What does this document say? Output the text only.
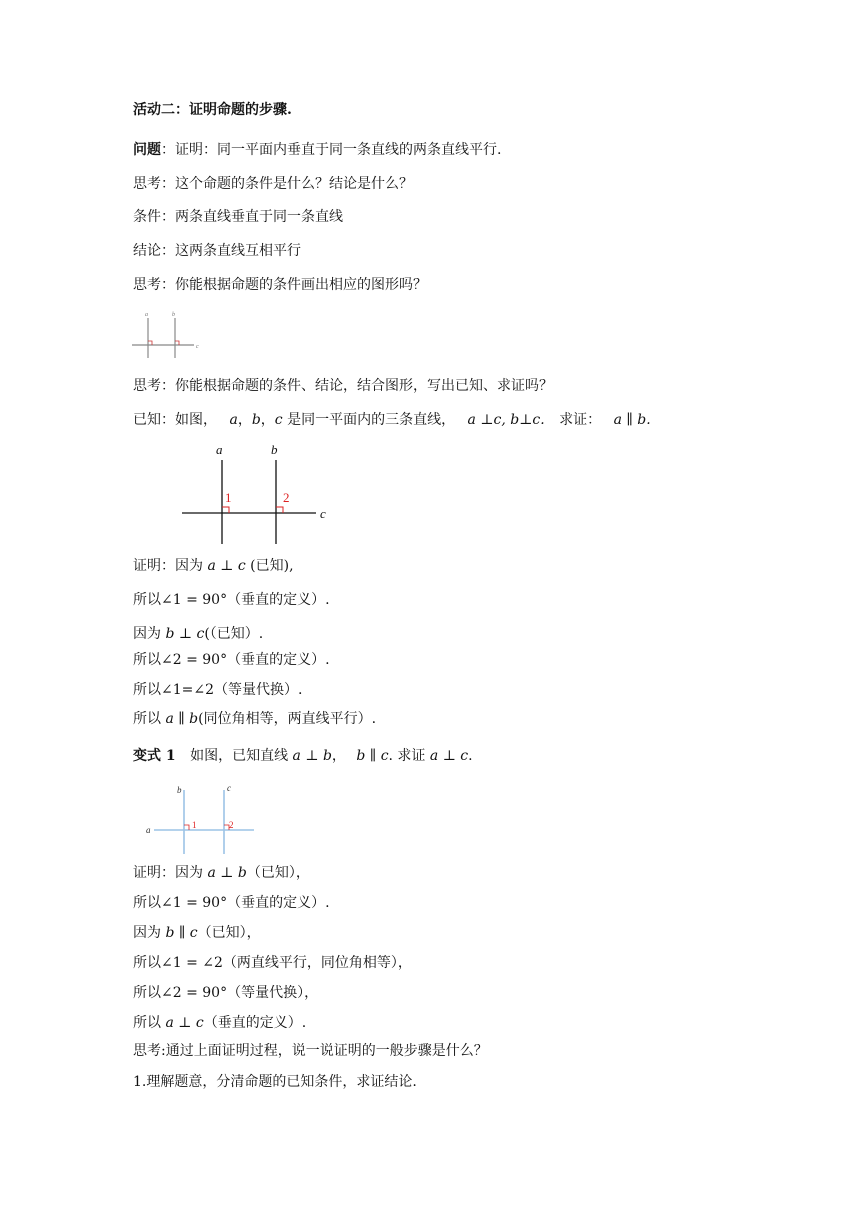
活动二：证明命题的步骤.
问题：证明：同一平面内垂直于同一条直线的两条直线平行.
思考：这个命题的条件是什么？结论是什么？
条件：两条直线垂直于同一条直线
结论：这两条直线互相平行
思考：你能根据命题的条件画出相应的图形吗？
a	b
c
思考：你能根据命题的条件、结论，结合图形，写出已知、求证吗？
已知：如图， a，b，c 是同一平面内的三条直线， a ⊥c, b⊥c. 求证： a ∥ b.
a	b
c
1	2
证明：因为 a ⊥ c (已知),
所以∠1 = 90°（垂直的定义）.
因为 b ⊥ c(（已知）.
所以∠2 = 90°（垂直的定义）.
所以∠1=∠2（等量代换）.
所以 a ∥ b(同位角相等，两直线平行）.
变式 1 如图，已知直线 a ⊥ b， b ∥ c. 求证 a ⊥ c.
b	c
a	1	2
证明：因为 a ⊥ b（已知），
所以∠1 = 90°（垂直的定义）.
因为 b ∥ c（已知），
所以∠1 = ∠2（两直线平行，同位角相等），
所以∠2 = 90°（等量代换），
所以 a ⊥ c（垂直的定义）.
思考:通过上面证明过程，说一说证明的一般步骤是什么？
1.理解题意，分清命题的已知条件，求证结论.
